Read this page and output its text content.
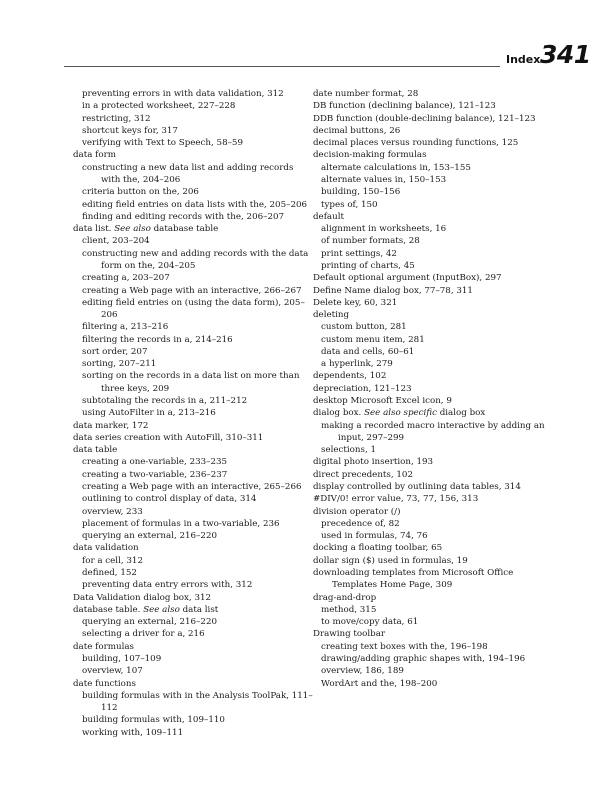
Index 341
preventing errors in with data validation, 312
in a protected worksheet, 227–228
restricting, 312
shortcut keys for, 317
verifying with Text to Speech, 58–59
data form
constructing a new data list and adding records with the, 204–206
criteria button on the, 206
editing field entries on data lists with the, 205–206
finding and editing records with the, 206–207
data list. See also database table
client, 203–204
constructing new and adding records with the data form on the, 204–205
creating a, 203–207
creating a Web page with an interactive, 266–267
editing field entries on (using the data form), 205–206
filtering a, 213–216
filtering the records in a, 214–216
sort order, 207
sorting, 207–211
sorting on the records in a data list on more than three keys, 209
subtotaling the records in a, 211–212
using AutoFilter in a, 213–216
data marker, 172
data series creation with AutoFill, 310–311
data table
creating a one-variable, 233–235
creating a two-variable, 236–237
creating a Web page with an interactive, 265–266
outlining to control display of data, 314
overview, 233
placement of formulas in a two-variable, 236
querying an external, 216–220
data validation
for a cell, 312
defined, 152
preventing data entry errors with, 312
Data Validation dialog box, 312
database table. See also data list
querying an external, 216–220
selecting a driver for a, 216
date formulas
building, 107–109
overview, 107
date functions
building formulas with in the Analysis ToolPak, 111–112
building formulas with, 109–110
working with, 109–111
date number format, 28
DB function (declining balance), 121–123
DDB function (double-declining balance), 121–123
decimal buttons, 26
decimal places versus rounding functions, 125
decision-making formulas
alternate calculations in, 153–155
alternate values in, 150–153
building, 150–156
types of, 150
default
alignment in worksheets, 16
of number formats, 28
print settings, 42
printing of charts, 45
Default optional argument (InputBox), 297
Define Name dialog box, 77–78, 311
Delete key, 60, 321
deleting
custom button, 281
custom menu item, 281
data and cells, 60–61
a hyperlink, 279
dependents, 102
depreciation, 121–123
desktop Microsoft Excel icon, 9
dialog box. See also specific dialog box
making a recorded macro interactive by adding an input, 297–299
selections, 1
digital photo insertion, 193
direct precedents, 102
display controlled by outlining data tables, 314
#DIV/0! error value, 73, 77, 156, 313
division operator (/)
precedence of, 82
used in formulas, 74, 76
docking a floating toolbar, 65
dollar sign ($) used in formulas, 19
downloading templates from Microsoft Office Templates Home Page, 309
drag-and-drop
method, 315
to move/copy data, 61
Drawing toolbar
creating text boxes with the, 196–198
drawing/adding graphic shapes with, 194–196
overview, 186, 189
WordArt and the, 198–200
